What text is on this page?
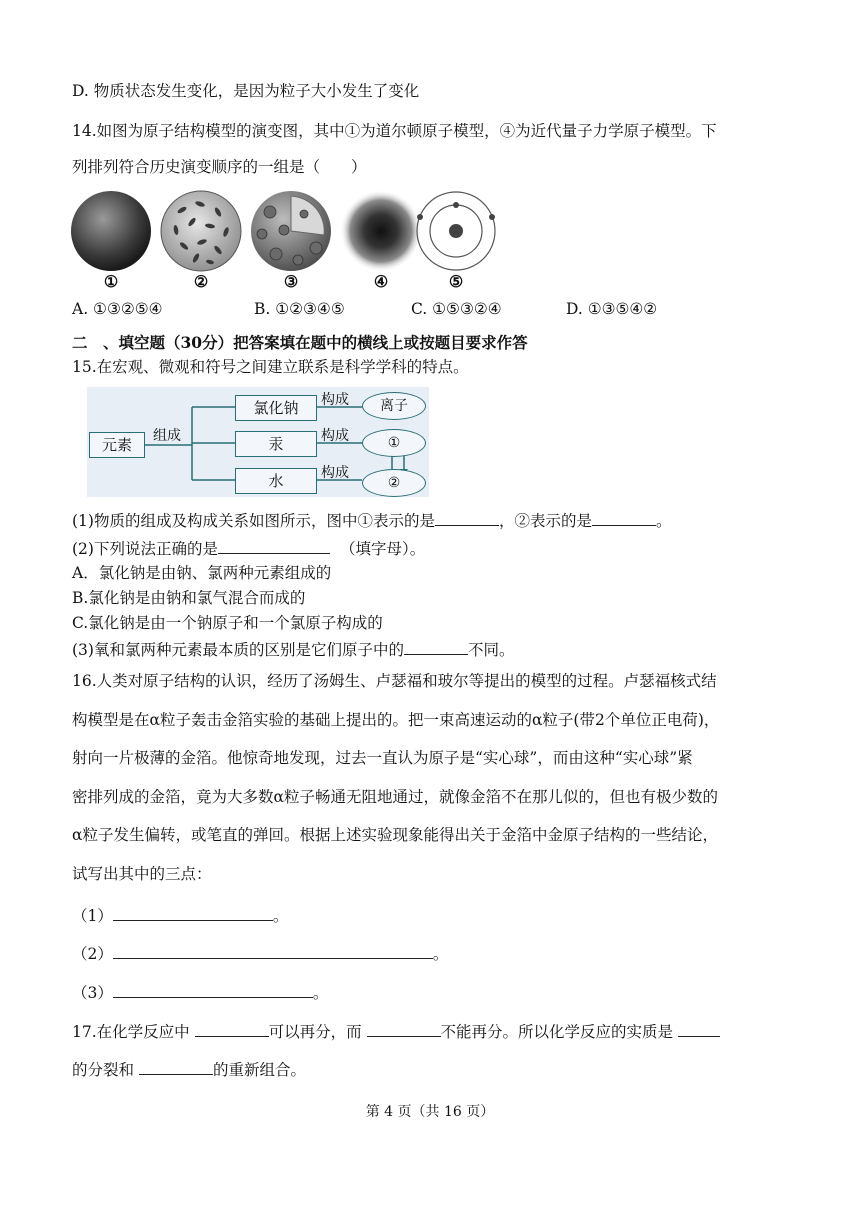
D. 物质状态发生变化，是因为粒子大小发生了变化
14.如图为原子结构模型的演变图，其中①为道尔顿原子模型，④为近代量子力学原子模型。下
列排列符合历史演变顺序的一组是（　　）
①	②	③	④	⑤
A. ①③②⑤④	B. ①②③④⑤	C. ①⑤③②④	D. ①③⑤④②
二　、填空题（30分）把答案填在题中的横线上或按题目要求作答
15.在宏观、微观和符号之间建立联系是科学学科的特点。
元素	组成
氯化钠
汞
水
构成
构成
构成
离子
①
②
(1)物质的组成及构成关系如图所示，图中①表示的是	，②表示的是	。
(2)下列说法正确的是	（填字母）。
A．氯化钠是由钠、氯两种元素组成的
B.氯化钠是由钠和氯气混合而成的
C.氯化钠是由一个钠原子和一个氯原子构成的
(3)氧和氯两种元素最本质的区别是它们原子中的	不同。
16.人类对原子结构的认识，经历了汤姆生、卢瑟福和玻尔等提出的模型的过程。卢瑟福核式结
构模型是在α粒子轰击金箔实验的基础上提出的。把一束高速运动的α粒子(带2个单位正电荷)，
射向一片极薄的金箔。他惊奇地发现，过去一直认为原子是“实心球”，而由这种“实心球”紧
密排列成的金箔，竟为大多数α粒子畅通无阻地通过，就像金箔不在那儿似的，但也有极少数的
α粒子发生偏转，或笔直的弹回。根据上述实验现象能得出关于金箔中金原子结构的一些结论，
试写出其中的三点：
（1）	。
（2）	。
（3）	。
17.在化学反应中	可以再分，而	不能再分。所以化学反应的实质是
的分裂和	的重新组合。
第 4 页（共 16 页）
